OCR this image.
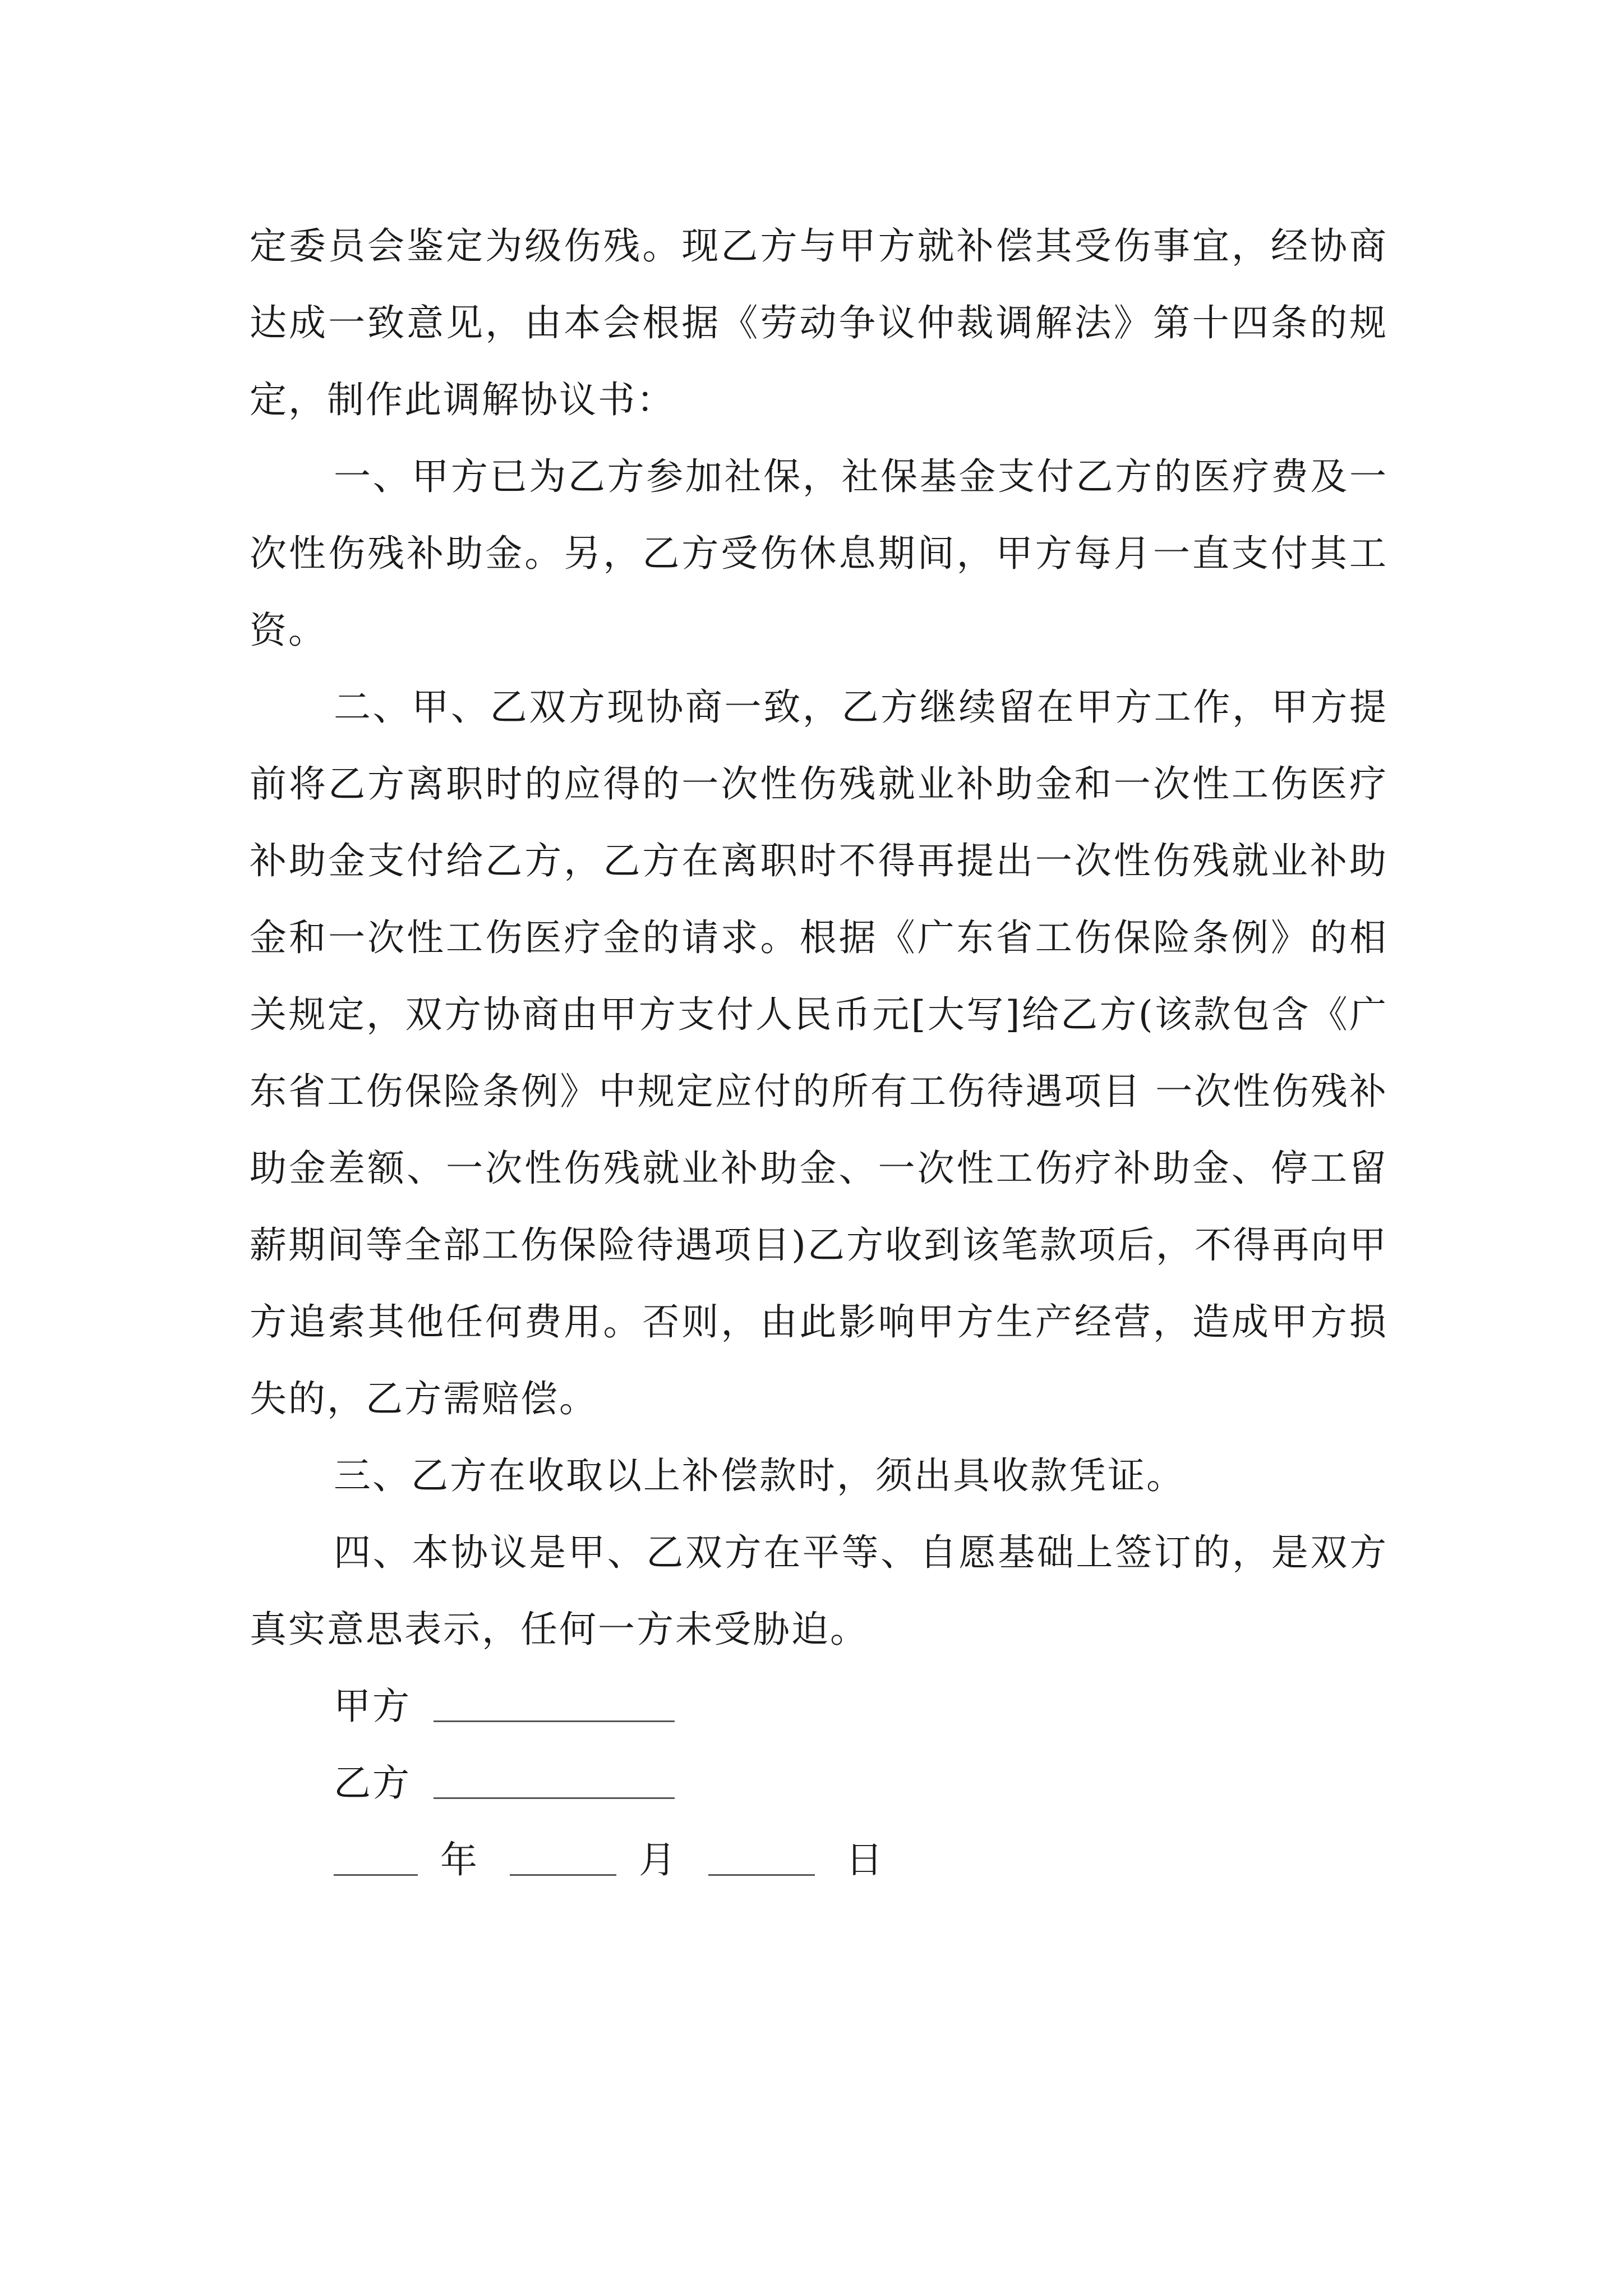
定委员会鉴定为级伤残。现乙方与甲方就补偿其受伤事宜，经协商达成一致意见，由本会根据《劳动争议仲裁调解法》第十四条的规定，制作此调解协议书：

一、甲方已为乙方参加社保，社保基金支付乙方的医疗费及一次性伤残补助金。另，乙方受伤休息期间，甲方每月一直支付其工资。

二、甲、乙双方现协商一致，乙方继续留在甲方工作，甲方提前将乙方离职时的应得的一次性伤残就业补助金和一次性工伤医疗补助金支付给乙方，乙方在离职时不得再提出一次性伤残就业补助金和一次性工伤医疗金的请求。根据《广东省工伤保险条例》的相关规定，双方协商由甲方支付人民币元[大写]给乙方(该款包含《广东省工伤保险条例》中规定应付的所有工伤待遇项目 一次性伤残补助金差额、一次性伤残就业补助金、一次性工伤疗补助金、停工留薪期间等全部工伤保险待遇项目)乙方收到该笔款项后，不得再向甲方追索其他任何费用。否则，由此影响甲方生产经营，造成甲方损失的，乙方需赔偿。

三、乙方在收取以上补偿款时，须出具收款凭证。

四、本协议是甲、乙双方在平等、自愿基础上签订的，是双方真实意思表示，任何一方未受胁迫。

甲方
乙方
年	月	日
